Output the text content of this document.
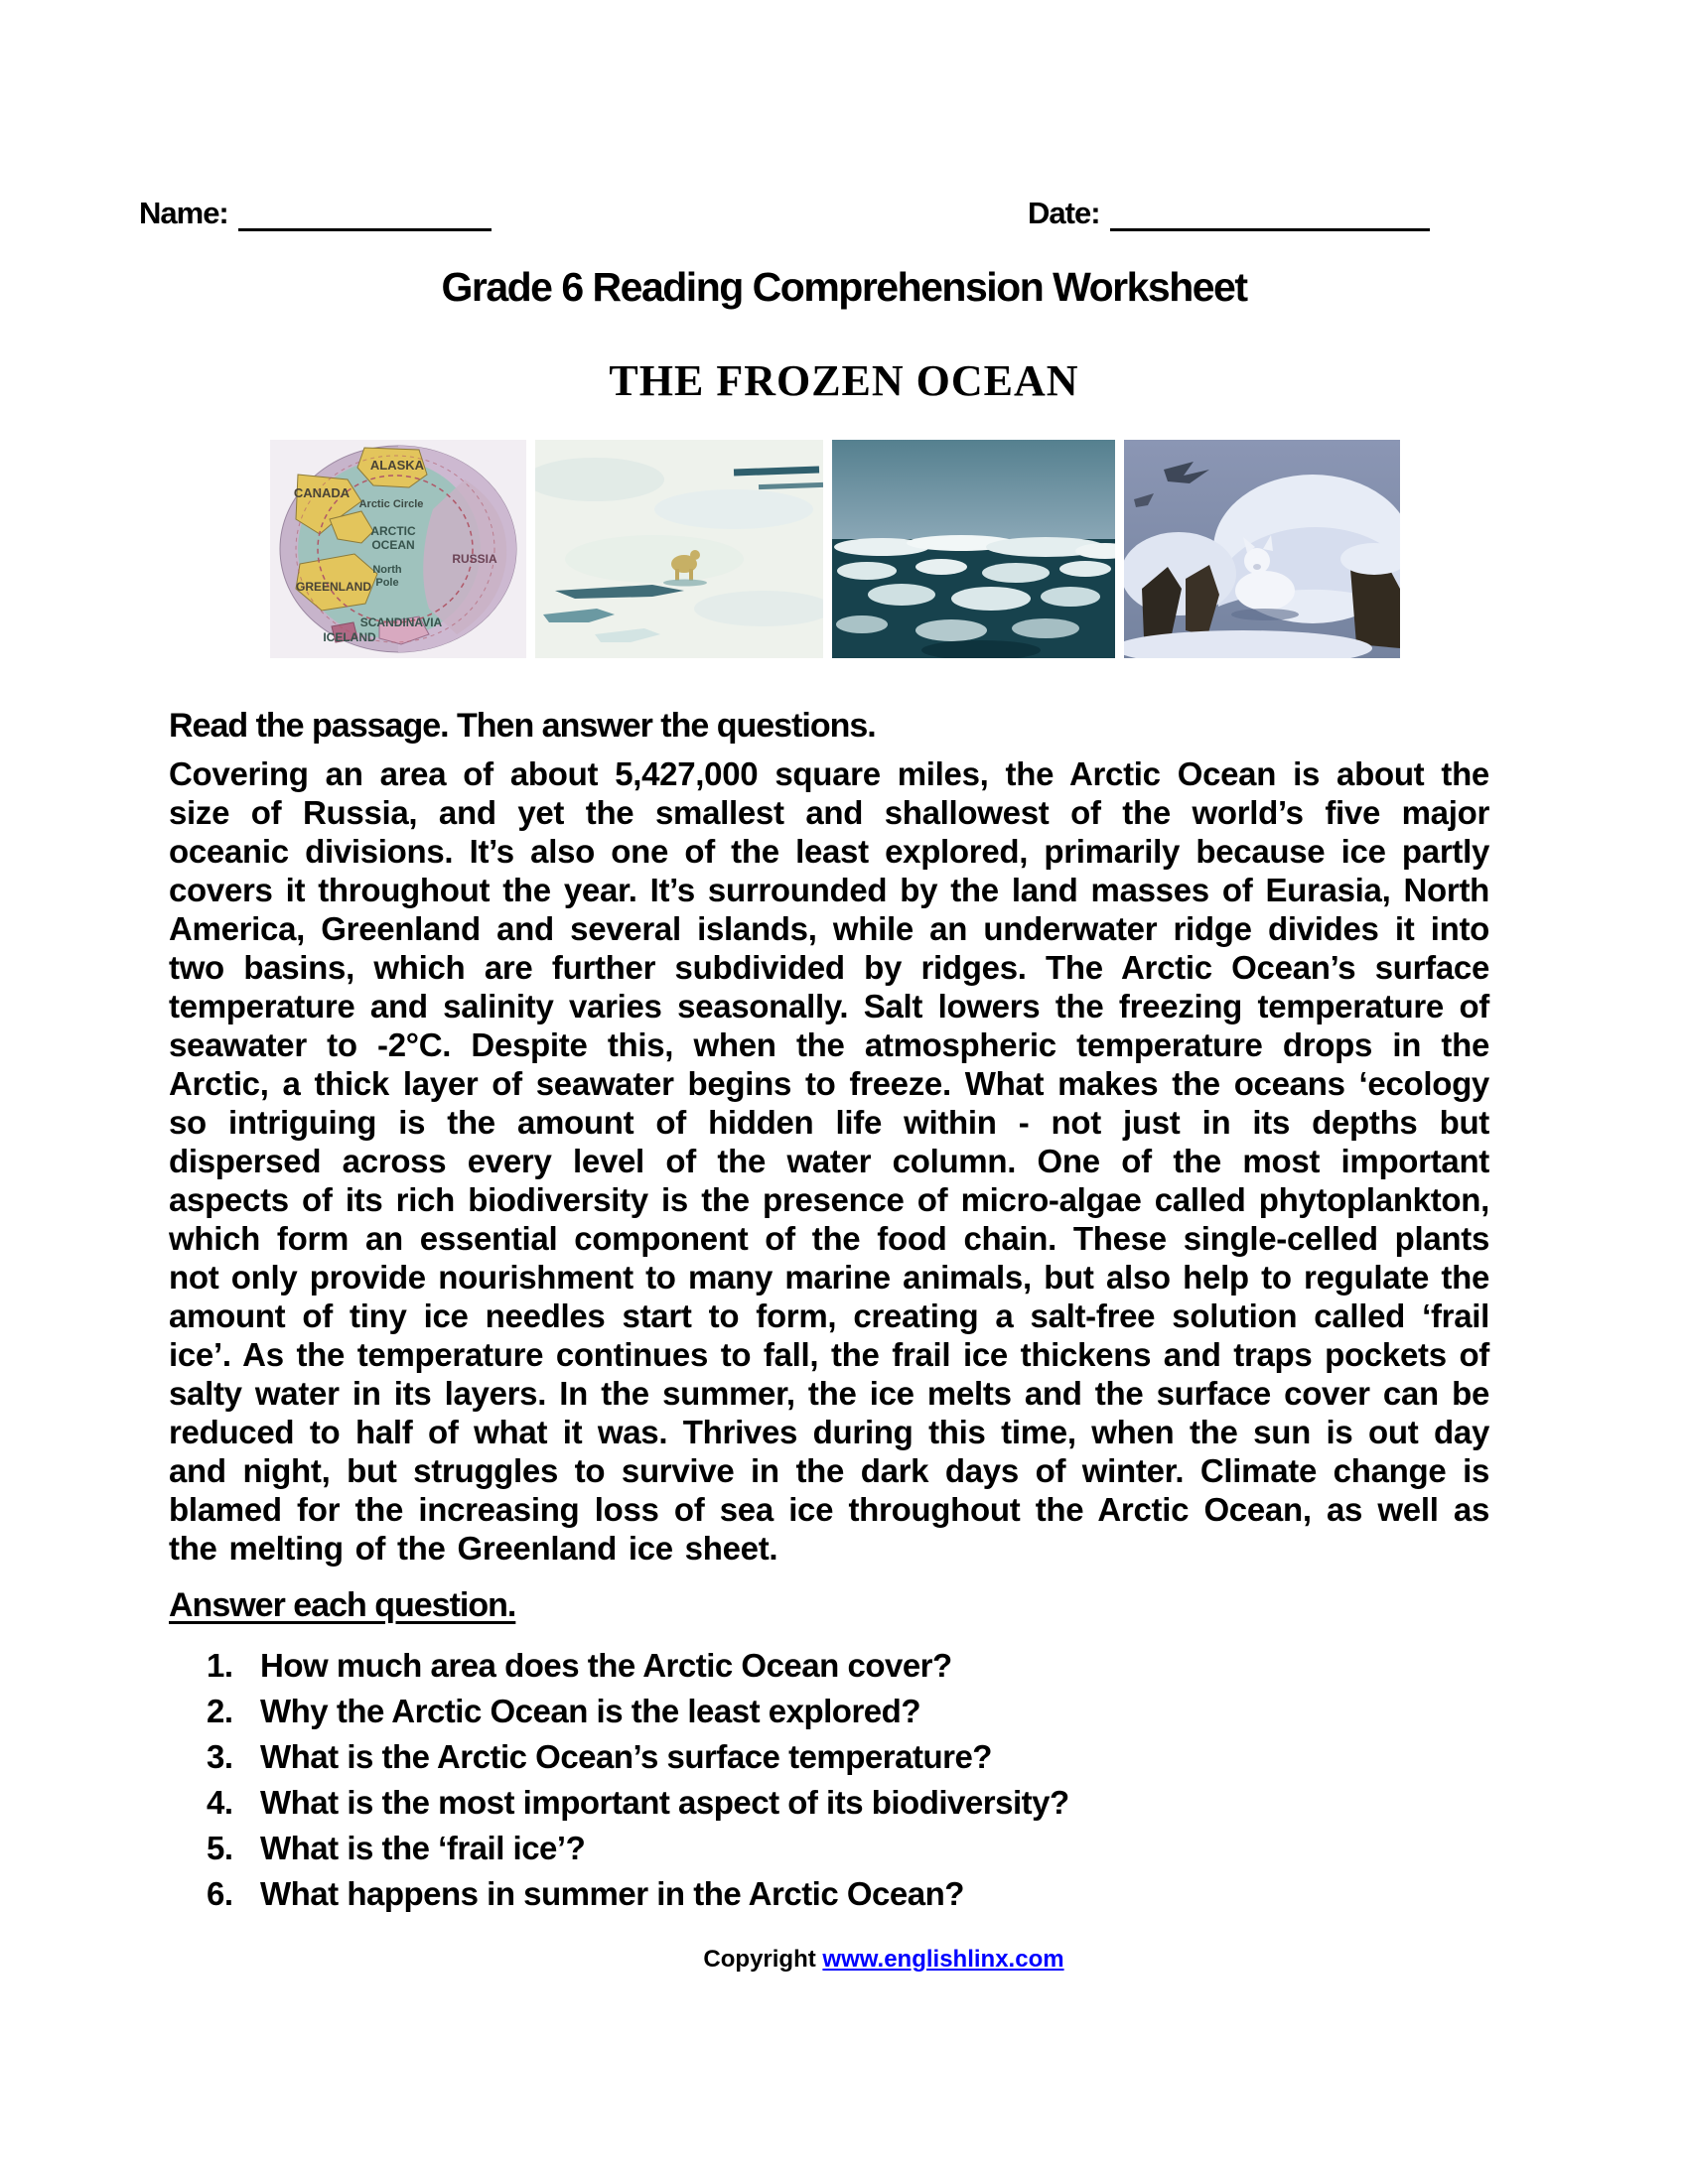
Name:	Date:
Grade 6 Reading Comprehension Worksheet
THE FROZEN OCEAN
ALASKA
CANADA
Arctic Circle
ARCTIC
OCEAN
RUSSIA
North
Pole
GREENLAND
SCANDINAVIA
ICELAND
Read the passage. Then answer the questions.
Covering an area of about 5,427,000 square miles, the Arctic Ocean is about the size of Russia, and yet the smallest and shallowest of the world’s five major oceanic divisions. It’s also one of the least explored, primarily because ice partly covers it throughout the year. It’s surrounded by the land masses of Eurasia, North America, Greenland and several islands, while an underwater ridge divides it into two basins, which are further subdivided by ridges. The Arctic Ocean’s surface temperature and salinity varies seasonally. Salt lowers the freezing temperature of seawater to -2°C. Despite this, when the atmospheric temperature drops in the Arctic, a thick layer of seawater begins to freeze. What makes the oceans ‘ecology so intriguing is the amount of hidden life within - not just in its depths but dispersed across every level of the water column. One of the most important aspects of its rich biodiversity is the presence of micro-algae called phytoplankton, which form an essential component of the food chain. These single-celled plants not only provide nourishment to many marine animals, but also help to regulate the amount of tiny ice needles start to form, creating a salt-free solution called ‘frail ice’. As the temperature continues to fall, the frail ice thickens and traps pockets of salty water in its layers. In the summer, the ice melts and the surface cover can be reduced to half of what it was. Thrives during this time, when the sun is out day and night, but struggles to survive in the dark days of winter. Climate change is blamed for the increasing loss of sea ice throughout the Arctic Ocean, as well as the melting of the Greenland ice sheet.
Answer each question.
1. How much area does the Arctic Ocean cover?
2. Why the Arctic Ocean is the least explored?
3. What is the Arctic Ocean’s surface temperature?
4. What is the most important aspect of its biodiversity?
5. What is the ‘frail ice’?
6. What happens in summer in the Arctic Ocean?
Copyright www.englishlinx.com
